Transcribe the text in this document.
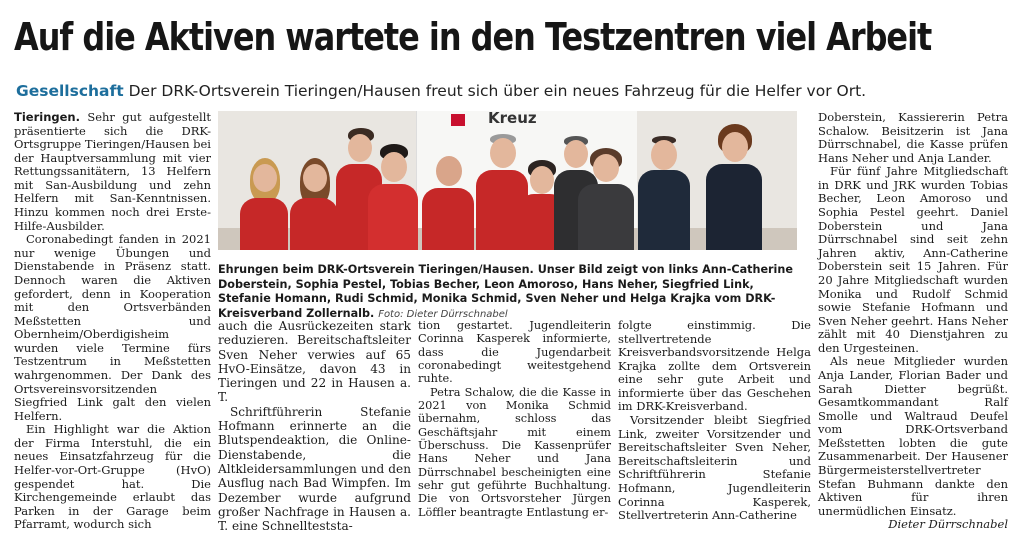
Auf die Aktiven wartete in den Testzentren viel Arbeit
Gesellschaft Der DRK-Ortsverein Tieringen/Hausen freut sich über ein neues Fahrzeug für die Helfer vor Ort.

Tieringen. Sehr gut aufgestellt präsentierte sich die DRK-Ortsgruppe Tieringen/Hausen bei der Hauptversammlung mit vier Rettungssanitätern, 13 Helfern mit San-Ausbildung und zehn Helfern mit San-Kenntnissen. Hinzu kommen noch drei Erste-Hilfe-Ausbilder.

Coronabedingt fanden in 2021 nur wenige Übungen und Dienstabende in Präsenz statt. Dennoch waren die Aktiven gefordert, denn in Kooperation mit den Ortsverbänden Meßstetten und Obernheim/Oberdigisheim wurden viele Termine fürs Testzentrum in Meßstetten wahrgenommen. Der Dank des Ortsvereinsvorsitzenden Siegfried Link galt den vielen Helfern.

Ein Highlight war die Aktion der Firma Interstuhl, die ein neues Einsatzfahrzeug für die Helfer-vor-Ort-Gruppe (HvO) gespendet hat. Die Kirchengemeinde erlaubt das Parken in der Garage beim Pfarramt, wodurch sich

Kreuz
Ehrungen beim DRK-Ortsverein Tieringen/Hausen. Unser Bild zeigt von links Ann-Catherine Doberstein, Sophia Pestel, Tobias Becher, Leon Amoroso, Hans Neher, Siegfried Link, Stefanie Homann, Rudi Schmid, Monika Schmid, Sven Neher und Helga Krajka vom DRK-Kreisverband Zollernalb. Foto: Dieter Dürrschnabel

auch die Ausrückezeiten stark reduzieren. Bereitschaftsleiter Sven Neher verwies auf 65 HvO-Einsätze, davon 43 in Tieringen und 22 in Hausen a. T.

Schriftführerin Stefanie Hofmann erinnerte an die Blutspendeaktion, die Online-Dienstabende, die Altkleidersammlungen und den Ausflug nach Bad Wimpfen. Im Dezember wurde aufgrund großer Nachfrage in Hausen a. T. eine Schnellteststa-

tion gestartet. Jugendleiterin Corinna Kasperek informierte, dass die Jugendarbeit coronabedingt weitestgehend ruhte.

Petra Schalow, die die Kasse in 2021 von Monika Schmid übernahm, schloss das Geschäftsjahr mit einem Überschuss. Die Kassenprüfer Hans Neher und Jana Dürrschnabel bescheinigten eine sehr gut geführte Buchhaltung. Die von Ortsvorsteher Jürgen Löffler beantragte Entlastung er-

folgte einstimmig. Die stellvertretende Kreisverbandsvorsitzende Helga Krajka zollte dem Ortsverein eine sehr gute Arbeit und informierte über das Geschehen im DRK-Kreisverband.

Vorsitzender bleibt Siegfried Link, zweiter Vorsitzender und Bereitschaftsleiter Sven Neher, Bereitschaftsleiterin und Schriftführerin Stefanie Hofmann, Jugendleiterin Corinna Kasperek, Stellvertreterin Ann-Catherine

Doberstein, Kassiererin Petra Schalow. Beisitzerin ist Jana Dürrschnabel, die Kasse prüfen Hans Neher und Anja Lander.

Für fünf Jahre Mitgliedschaft in DRK und JRK wurden Tobias Becher, Leon Amoroso und Sophia Pestel geehrt. Daniel Doberstein und Jana Dürrschnabel sind seit zehn Jahren aktiv, Ann-Catherine Doberstein seit 15 Jahren. Für 20 Jahre Mitgliedschaft wurden Monika und Rudolf Schmid sowie Stefanie Hofmann und Sven Neher geehrt. Hans Neher zählt mit 40 Dienstjahren zu den Urgesteinen.

Als neue Mitglieder wurden Anja Lander, Florian Bader und Sarah Dietter begrüßt. Gesamtkommandant Ralf Smolle und Waltraud Deufel vom DRK-Ortsverband Meßstetten lobten die gute Zusammenarbeit. Der Hausener Bürgermeisterstellvertreter Stefan Buhmann dankte den Aktiven für ihren unermüdlichen Einsatz.

Dieter Dürrschnabel
